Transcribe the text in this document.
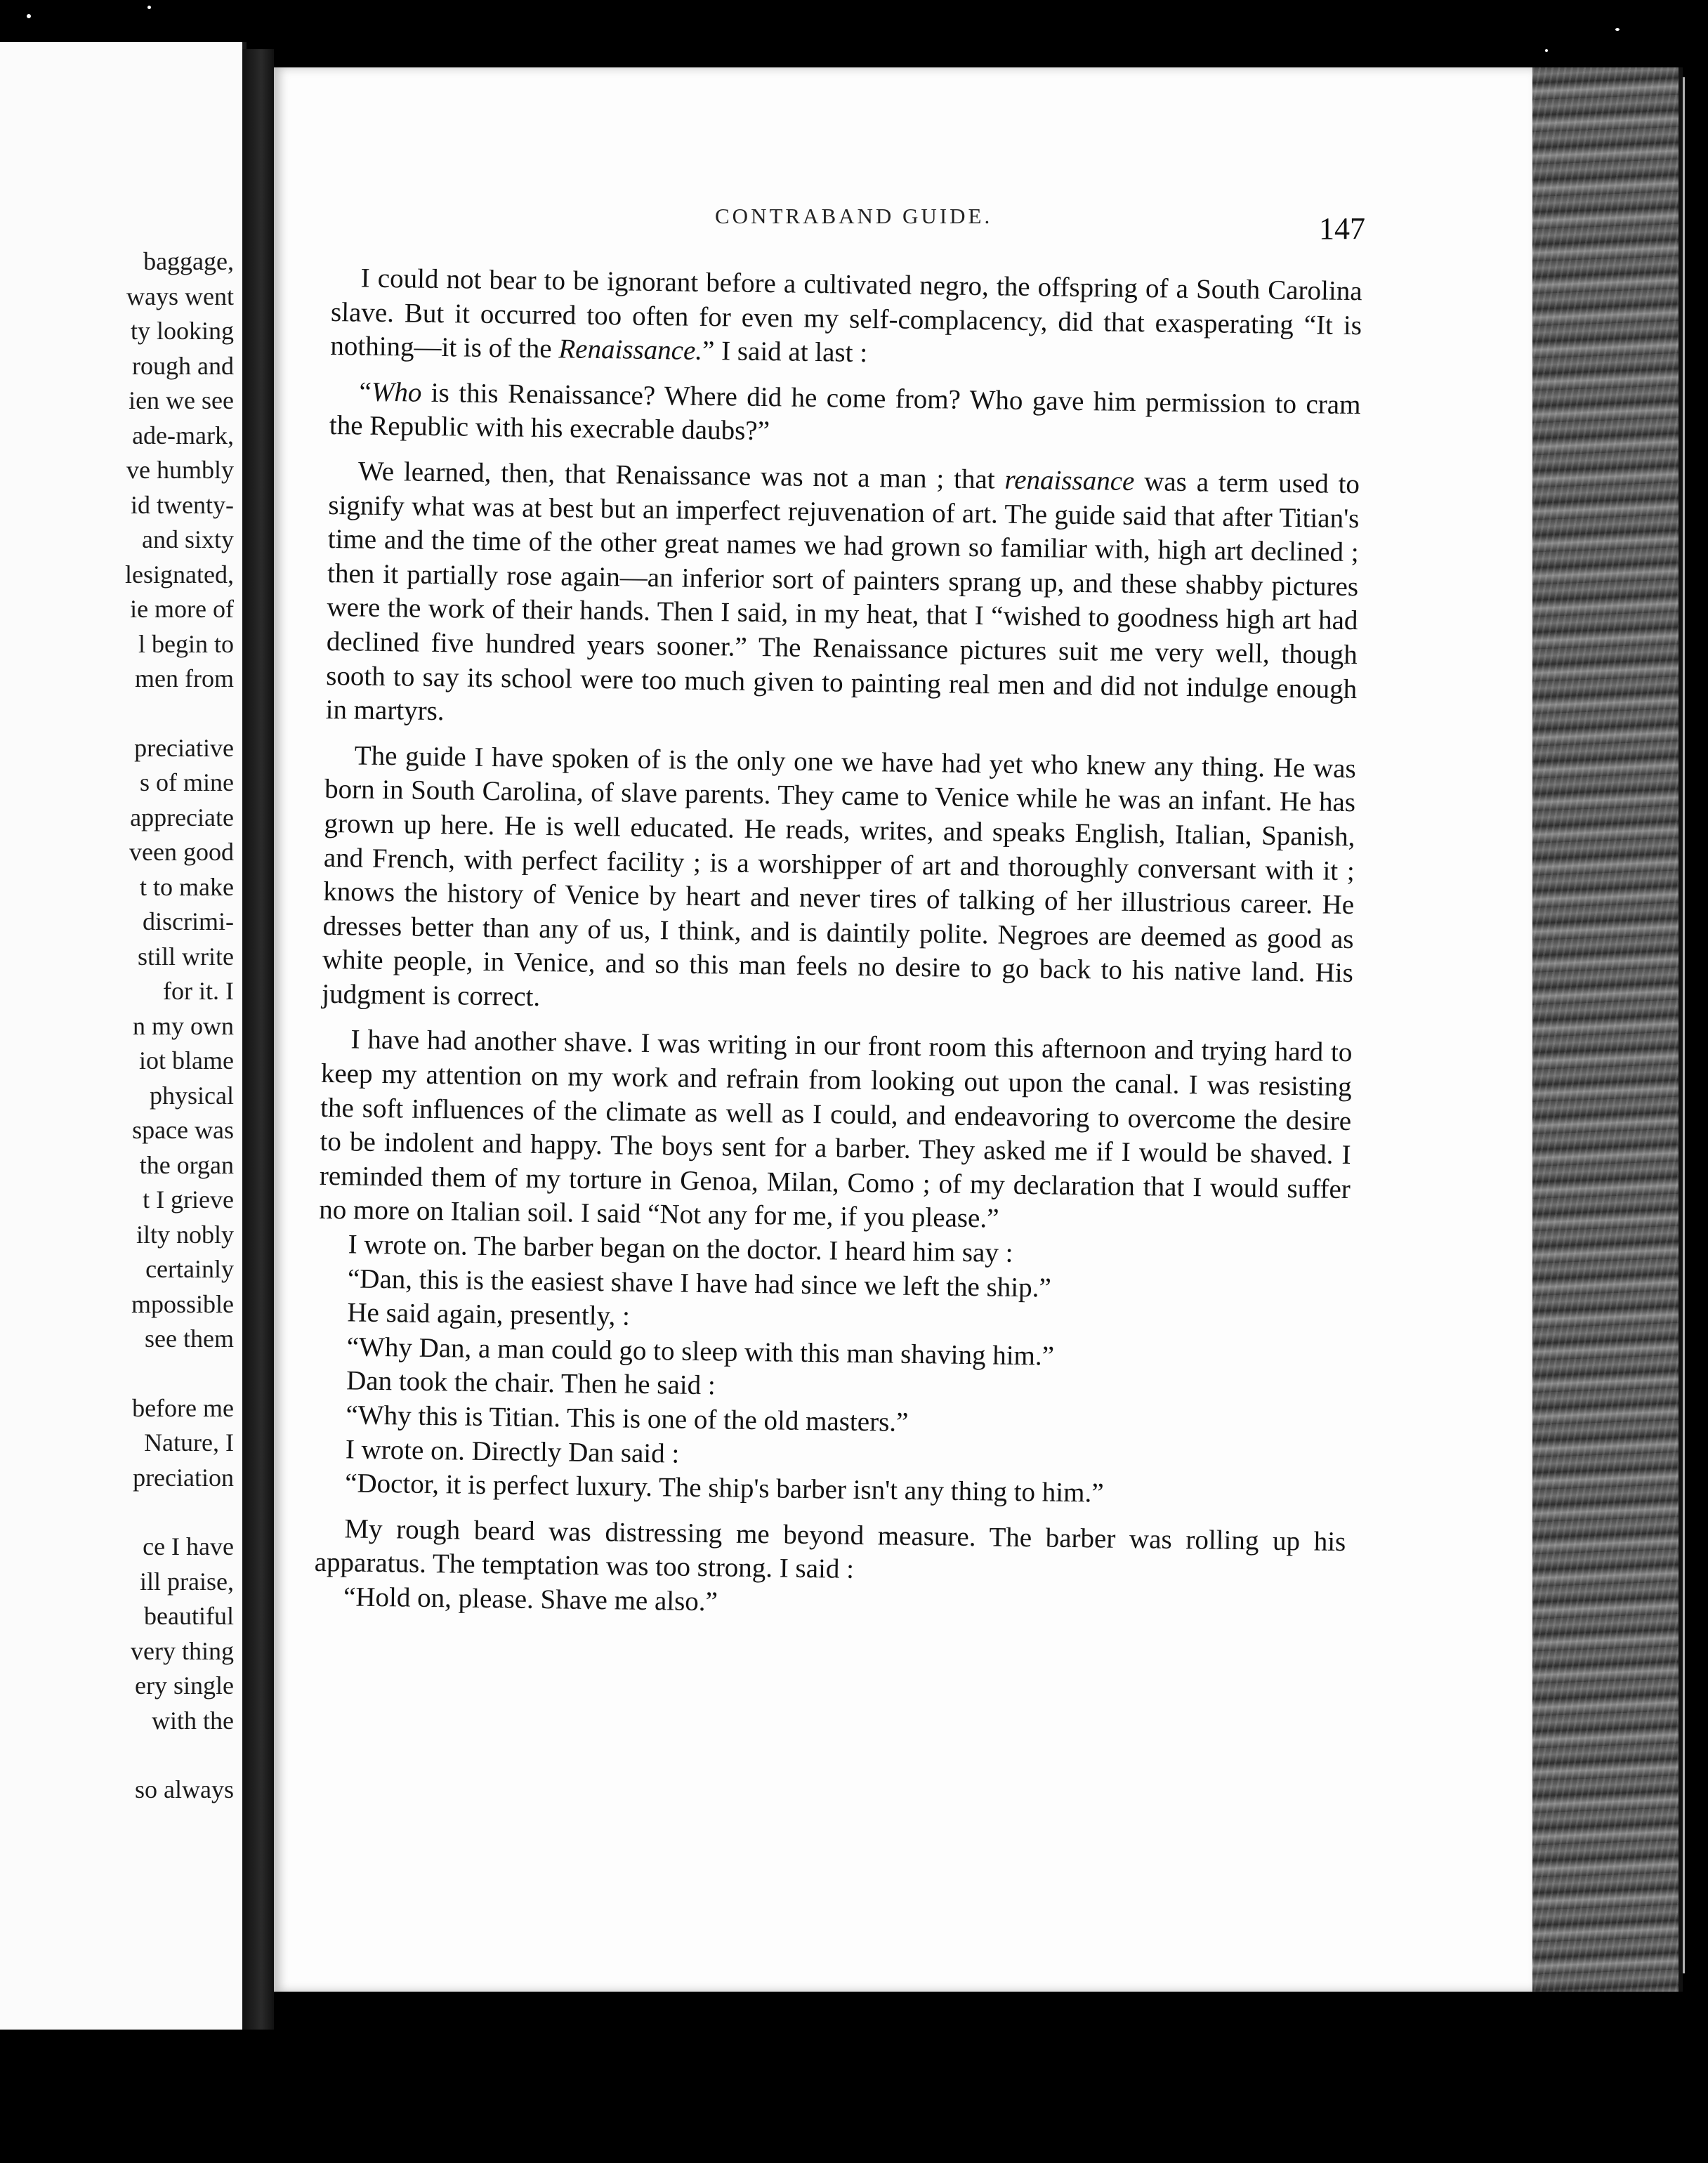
baggage,
ways went
ty looking
rough and
ien we see
ade-mark,
ve humbly
id twenty-
and sixty
lesignated,
ie more of
l begin to
men from
preciative
s of mine
appreciate
veen good
t to make
discrimi-
still write
for it. I
n my own
iot blame
physical
space was
the organ
t I grieve
ilty nobly
certainly
mpossible
see them
before me
Nature, I
preciation
ce I have
ill praise,
beautiful
very thing
ery single
with the
so always
CONTRABAND GUIDE.	147

I could not bear to be ignorant before a cultivated negro, the offspring of a South Carolina slave. But it occurred too often for even my self-complacency, did that exasperating “It is nothing—it is of the Renaissance.” I said at last :

“Who is this Renaissance? Where did he come from? Who gave him permission to cram the Republic with his execrable daubs?”

We learned, then, that Renaissance was not a man ; that renaissance was a term used to signify what was at best but an imperfect rejuvenation of art. The guide said that after Titian's time and the time of the other great names we had grown so familiar with, high art declined ; then it partially rose again—an inferior sort of painters sprang up, and these shabby pictures were the work of their hands. Then I said, in my heat, that I “wished to goodness high art had declined five hundred years sooner.” The Renaissance pictures suit me very well, though sooth to say its school were too much given to painting real men and did not indulge enough in martyrs.

The guide I have spoken of is the only one we have had yet who knew any thing. He was born in South Carolina, of slave parents. They came to Venice while he was an infant. He has grown up here. He is well educated. He reads, writes, and speaks English, Italian, Spanish, and French, with perfect facility ; is a worshipper of art and thoroughly conversant with it ; knows the history of Venice by heart and never tires of talking of her illustrious career. He dresses better than any of us, I think, and is daintily polite. Negroes are deemed as good as white people, in Venice, and so this man feels no desire to go back to his native land. His judgment is correct.

I have had another shave. I was writing in our front room this afternoon and trying hard to keep my attention on my work and refrain from looking out upon the canal. I was resisting the soft influences of the climate as well as I could, and endeavoring to overcome the desire to be indolent and happy. The boys sent for a barber. They asked me if I would be shaved. I reminded them of my torture in Genoa, Milan, Como ; of my declaration that I would suffer no more on Italian soil. I said “Not any for me, if you please.”

I wrote on. The barber began on the doctor. I heard him say :

“Dan, this is the easiest shave I have had since we left the ship.”

He said again, presently, :

“Why Dan, a man could go to sleep with this man shaving him.”

Dan took the chair. Then he said :

“Why this is Titian. This is one of the old masters.”

I wrote on. Directly Dan said :

“Doctor, it is perfect luxury. The ship's barber isn't any thing to him.”

My rough beard was distressing me beyond measure. The barber was rolling up his apparatus. The temptation was too strong. I said :

“Hold on, please. Shave me also.”
